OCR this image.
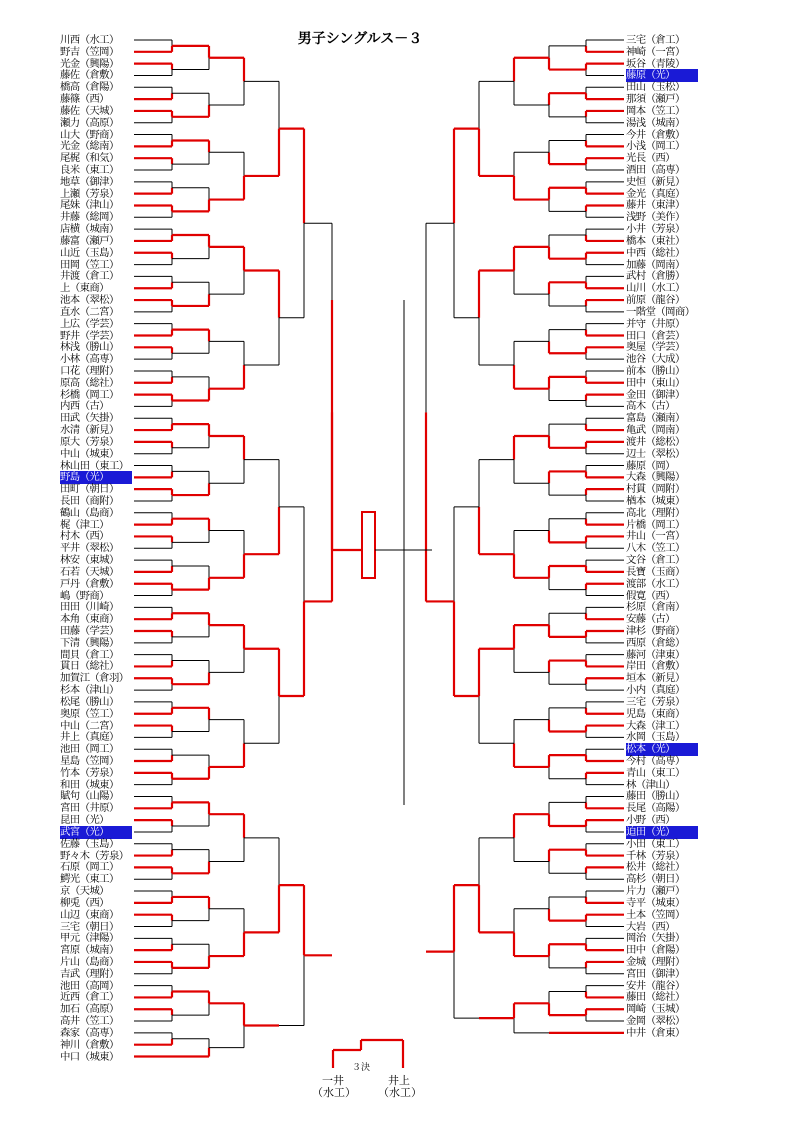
男子シングルス－３
川西（水工）
野吉（笠岡）
光金（興陽）
藤佐（倉敷）
橋高（倉陽）
藤篠（西）
藤佐（天城）
瀬力（高原）
山大（野商）
光金（総南）
尾梶（和気）
良米（東工）
地草（御津）
上瀬（芳泉）
尾妹（津山）
井藤（総岡）
店横（城南）
藤富（瀬戸）
山近（玉島）
田岡（笠工）
井渡（倉工）
上（東商）
池本（翠松）
直水（二宮）
上広（学芸）
野井（学芸）
林浅（勝山）
小林（高専）
口花（理附）
原高（総社）
杉橋（岡工）
内西（古）
田武（矢掛）
水清（新見）
原大（芳泉）
中山（城東）
林山田（東工）
野島（光）
田町（朝日）
長田（商附）
鶴山（島商）
梶（津工）
村木（西）
平井（翠松）
林安（東城）
石若（天城）
戸丹（倉敷）
嶋（野商）
田田（川崎）
本角（東商）
田藤（学芸）
下清（興陽）
間貝（倉工）
貫日（総社）
加賀江（倉羽）
杉本（津山）
松尾（勝山）
奥原（笠工）
中山（二宮）
井上（真庭）
池田（岡工）
星島（笠岡）
竹本（芳泉）
和田（城東）
賦句（山陽）
宮田（井原）
昆田（光）
武宮（光）
佐藤（玉島）
野々木（芳泉）
石原（岡工）
鰐光（東工）
京（天城）
柳兎（西）
山辺（東商）
三宅（朝日）
甲元（津陽）
宮原（城南）
片山（島商）
吉武（理附）
池田（高岡）
近西（倉工）
加石（高原）
高井（笠工）
森家（高専）
神川（倉敷）
中口（城東）
三宅（倉工）
神崎（一宮）
坂谷（青陵）
藤原（光）
田山（玉松）
那須（瀬戸）
岡本（笠工）
湯浅（城南）
今井（倉敷）
小浅（岡工）
光長（西）
酒田（高専）
史恒（新見）
金光（真庭）
藤井（東津）
浅野（美作）
小井（芳泉）
橋本（東社）
中西（総社）
加藤（岡南）
武村（倉勝）
山川（水工）
前原（龍谷）
一階堂（岡商）
并守（井原）
田口（倉芸）
奥屋（学芸）
池谷（大成）
前本（勝山）
田中（東山）
金田（御津）
高木（古）
富島（瀬南）
亀武（岡南）
渡井（総松）
辺士（翠松）
藤原（岡）
大森（興陽）
村貫（岡附）
楢本（城東）
高北（理附）
片橋（岡工）
井山（一宮）
八木（笠工）
文谷（倉工）
長寶（玉商）
渡部（水工）
假寛（西）
杉原（倉南）
安藤（古）
津杉（野商）
西原（倉総）
藤河（津東）
岸田（倉敷）
垣本（新見）
小内（真庭）
三宅（芳泉）
児島（東商）
大森（津工）
水岡（玉島）
松本（光）
今村（高専）
青山（東工）
林（津山）
藤田（勝山）
長尾（高陽）
小野（西）
迫田（光）
小田（東工）
千林（芳泉）
松井（総社）
高杉（朝日）
片力（瀬戸）
寺平（城東）
土本（笠岡）
大岩（西）
岡治（矢掛）
田中（倉陽）
金城（理附）
宮田（御津）
安井（龍谷）
藤田（総社）
岡崎（玉城）
金岡（翠松）
中井（倉東）
３決
一井
（水工）
井上
（水工）
